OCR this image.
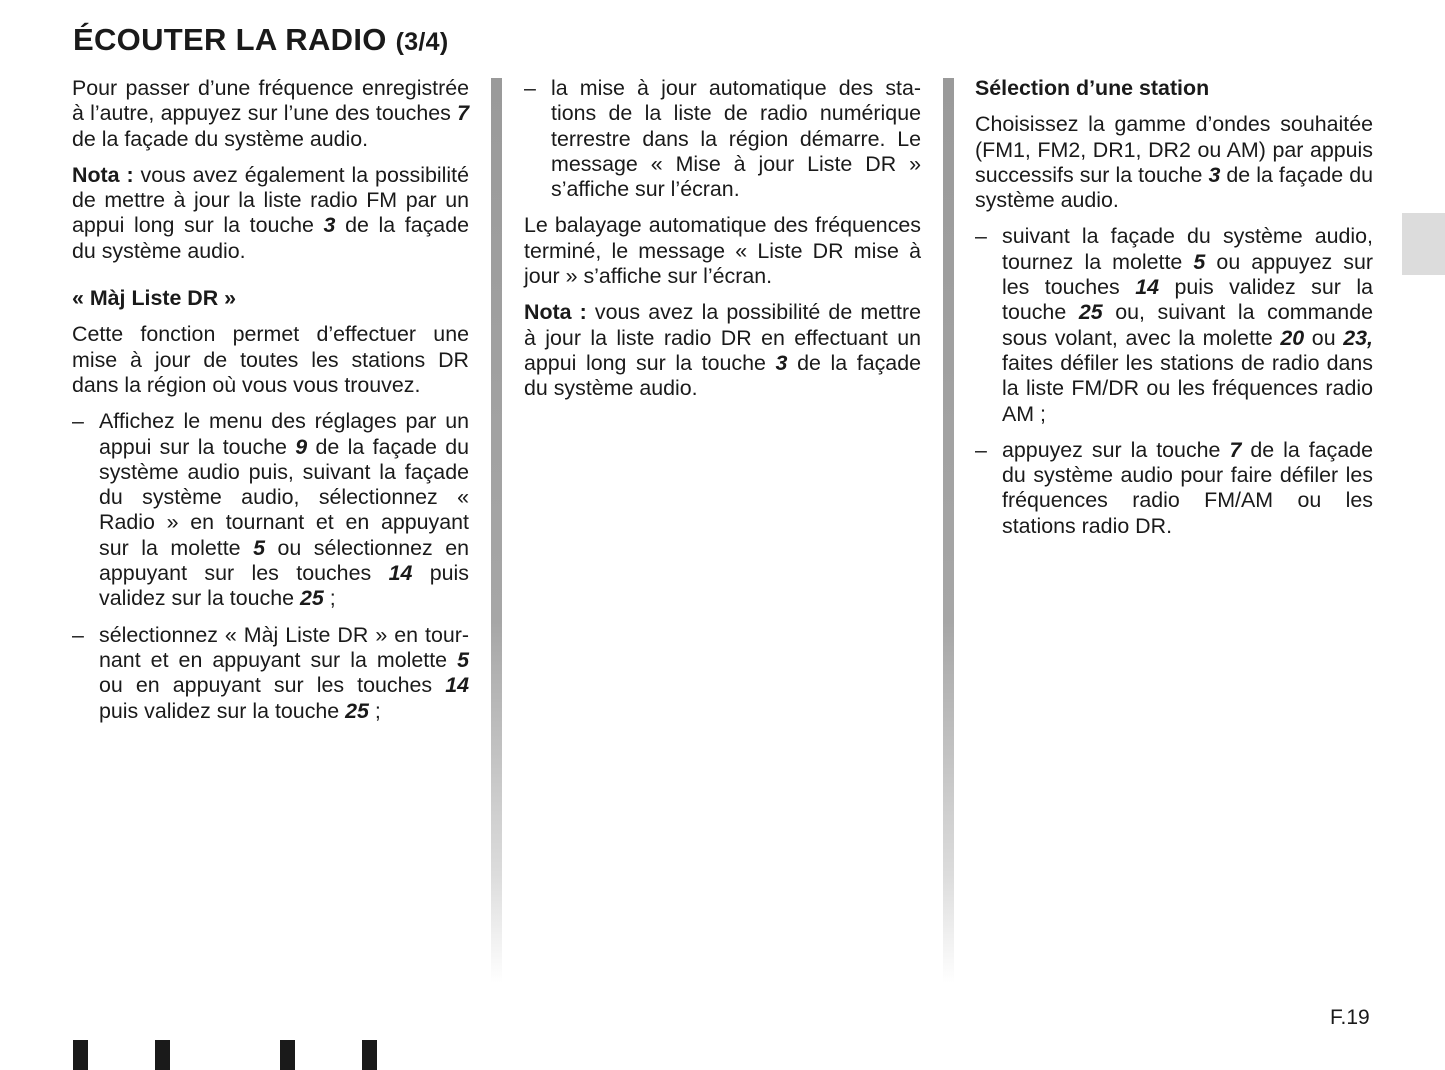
ÉCOUTER LA RADIO (3/4)

Pour passer d’une fréquence enregistrée à l’autre, appuyez sur l’une des touches 7 de la façade du système audio.

Nota : vous avez également la possibilité de mettre à jour la liste radio FM par un appui long sur la touche 3 de la façade du système audio.

« Màj Liste DR »

Cette fonction permet d’effectuer une mise à jour de toutes les stations DR dans la région où vous vous trouvez.

– Affichez le menu des réglages par un appui sur la touche 9 de la façade du système audio puis, suivant la façade du système audio, sélectionnez « Radio » en tournant et en appuyant sur la molette 5 ou sélectionnez en appuyant sur les touches 14 puis validez sur la touche 25 ;
– sélectionnez « Màj Liste DR » en tournant et en appuyant sur la molette 5 ou en appuyant sur les touches 14 puis validez sur la touche 25 ;
– la mise à jour automatique des stations de la liste de radio numérique terrestre dans la région démarre. Le message « Mise à jour Liste DR » s’affiche sur l’écran.

Le balayage automatique des fréquences terminé, le message « Liste DR mise à jour » s’affiche sur l’écran.

Nota : vous avez la possibilité de mettre à jour la liste radio DR en effectuant un appui long sur la touche 3 de la façade du système audio.

Sélection d’une station

Choisissez la gamme d’ondes souhaitée (FM1, FM2, DR1, DR2 ou AM) par appuis successifs sur la touche 3 de la façade du système audio.

– suivant la façade du système audio, tournez la molette 5 ou appuyez sur les touches 14 puis validez sur la touche 25 ou, suivant la commande sous volant, avec la molette 20 ou 23, faites défiler les stations de radio dans la liste FM/DR ou les fréquences radio AM ;
– appuyez sur la touche 7 de la façade du système audio pour faire défiler les fréquences radio FM/AM ou les stations radio DR.
F.19
